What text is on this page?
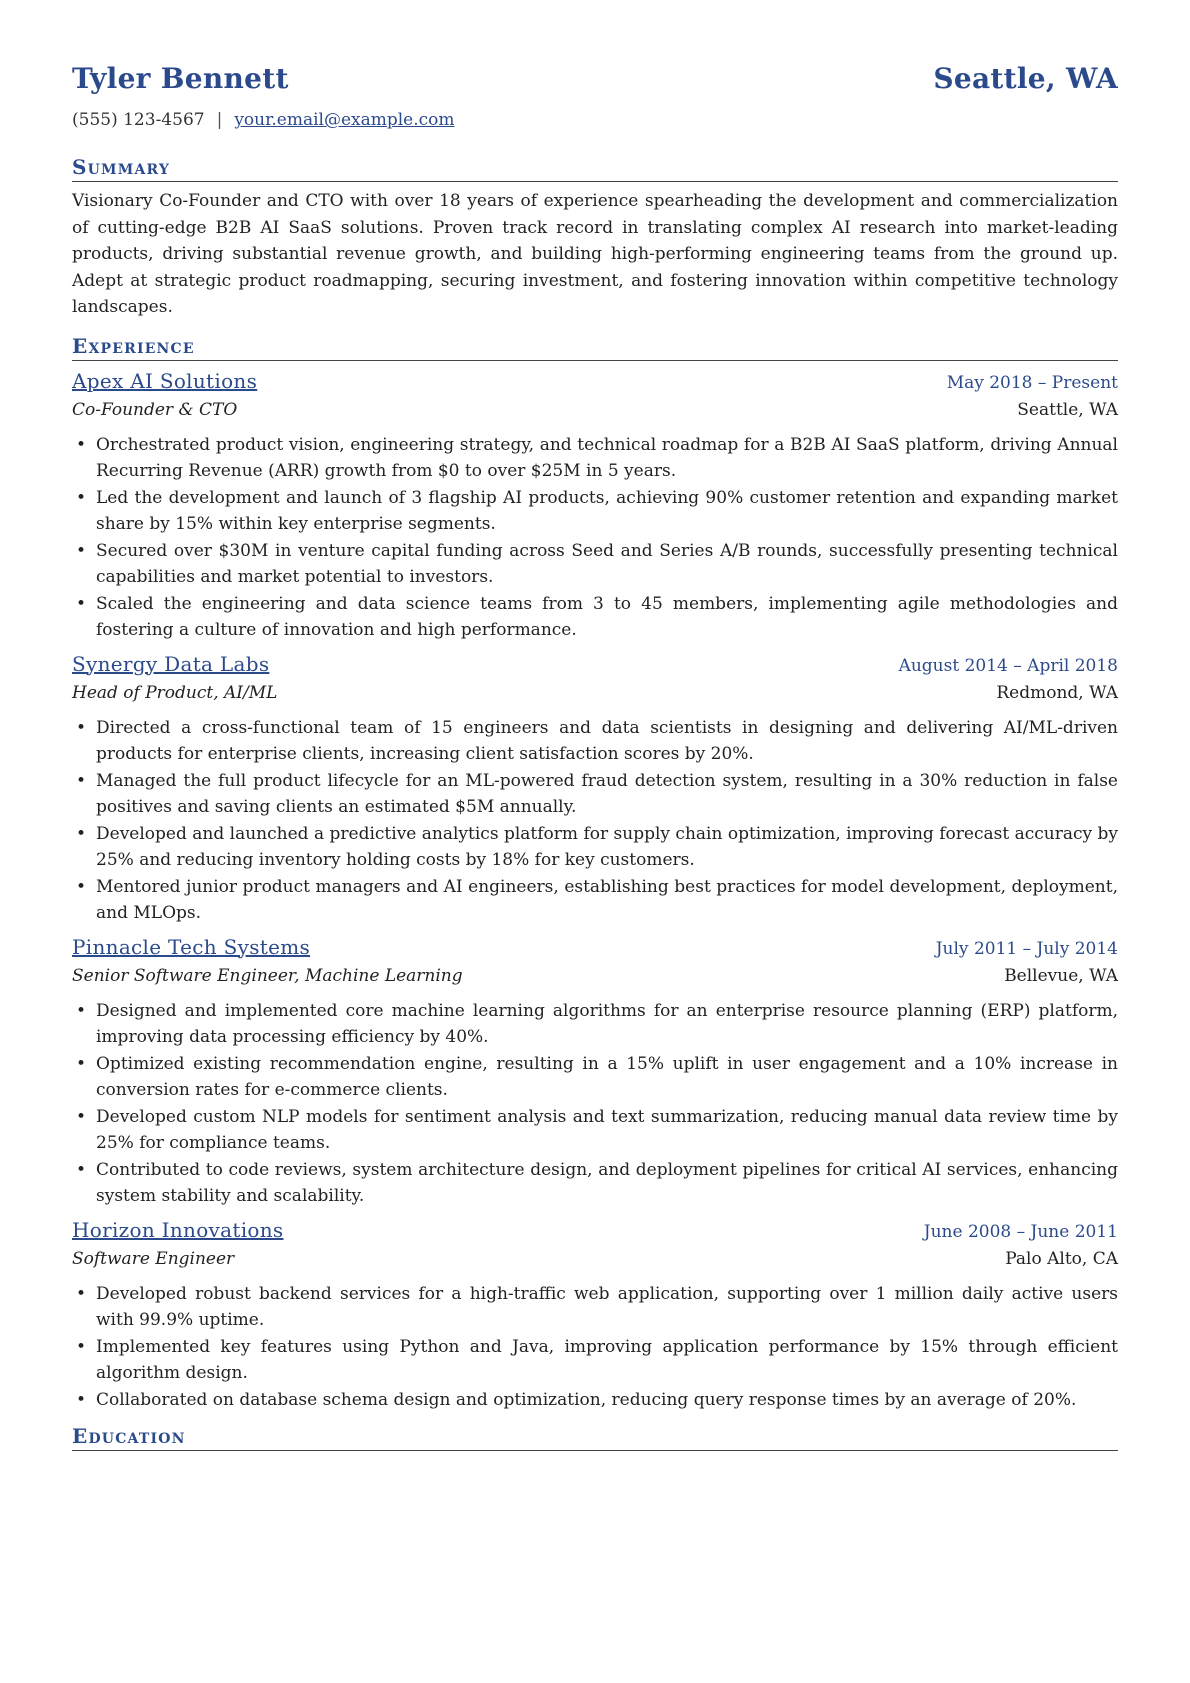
Tyler Bennett	Seattle, WA
(555) 123-4567 | your.email@example.com
Summary
Visionary Co-Founder and CTO with over 18 years of experience spearheading the development and commercialization of cutting-edge B2B AI SaaS solutions. Proven track record in translating complex AI research into market-leading products, driving substantial revenue growth, and building high-performing engineering teams from the ground up. Adept at strategic product roadmapping, securing investment, and fostering innovation within competitive technology landscapes.
Experience
Apex AI Solutions	May 2018 – Present
Co-Founder & CTO	Seattle, WA
• Orchestrated product vision, engineering strategy, and technical roadmap for a B2B AI SaaS platform, driving Annual Recurring Revenue (ARR) growth from $0 to over $25M in 5 years.
• Led the development and launch of 3 flagship AI products, achieving 90% customer retention and expanding market share by 15% within key enterprise segments.
• Secured over $30M in venture capital funding across Seed and Series A/B rounds, successfully presenting technical capabilities and market potential to investors.
• Scaled the engineering and data science teams from 3 to 45 members, implementing agile methodologies and fostering a culture of innovation and high performance.
Synergy Data Labs	August 2014 – April 2018
Head of Product, AI/ML	Redmond, WA
• Directed a cross-functional team of 15 engineers and data scientists in designing and delivering AI/ML-driven products for enterprise clients, increasing client satisfaction scores by 20%.
• Managed the full product lifecycle for an ML-powered fraud detection system, resulting in a 30% reduction in false positives and saving clients an estimated $5M annually.
• Developed and launched a predictive analytics platform for supply chain optimization, improving forecast accuracy by 25% and reducing inventory holding costs by 18% for key customers.
• Mentored junior product managers and AI engineers, establishing best practices for model development, deployment, and MLOps.
Pinnacle Tech Systems	July 2011 – July 2014
Senior Software Engineer, Machine Learning	Bellevue, WA
• Designed and implemented core machine learning algorithms for an enterprise resource planning (ERP) platform, improving data processing efficiency by 40%.
• Optimized existing recommendation engine, resulting in a 15% uplift in user engagement and a 10% increase in conversion rates for e-commerce clients.
• Developed custom NLP models for sentiment analysis and text summarization, reducing manual data review time by 25% for compliance teams.
• Contributed to code reviews, system architecture design, and deployment pipelines for critical AI services, enhancing system stability and scalability.
Horizon Innovations	June 2008 – June 2011
Software Engineer	Palo Alto, CA
• Developed robust backend services for a high-traffic web application, supporting over 1 million daily active users with 99.9% uptime.
• Implemented key features using Python and Java, improving application performance by 15% through efficient algorithm design.
• Collaborated on database schema design and optimization, reducing query response times by an average of 20%.
Education
